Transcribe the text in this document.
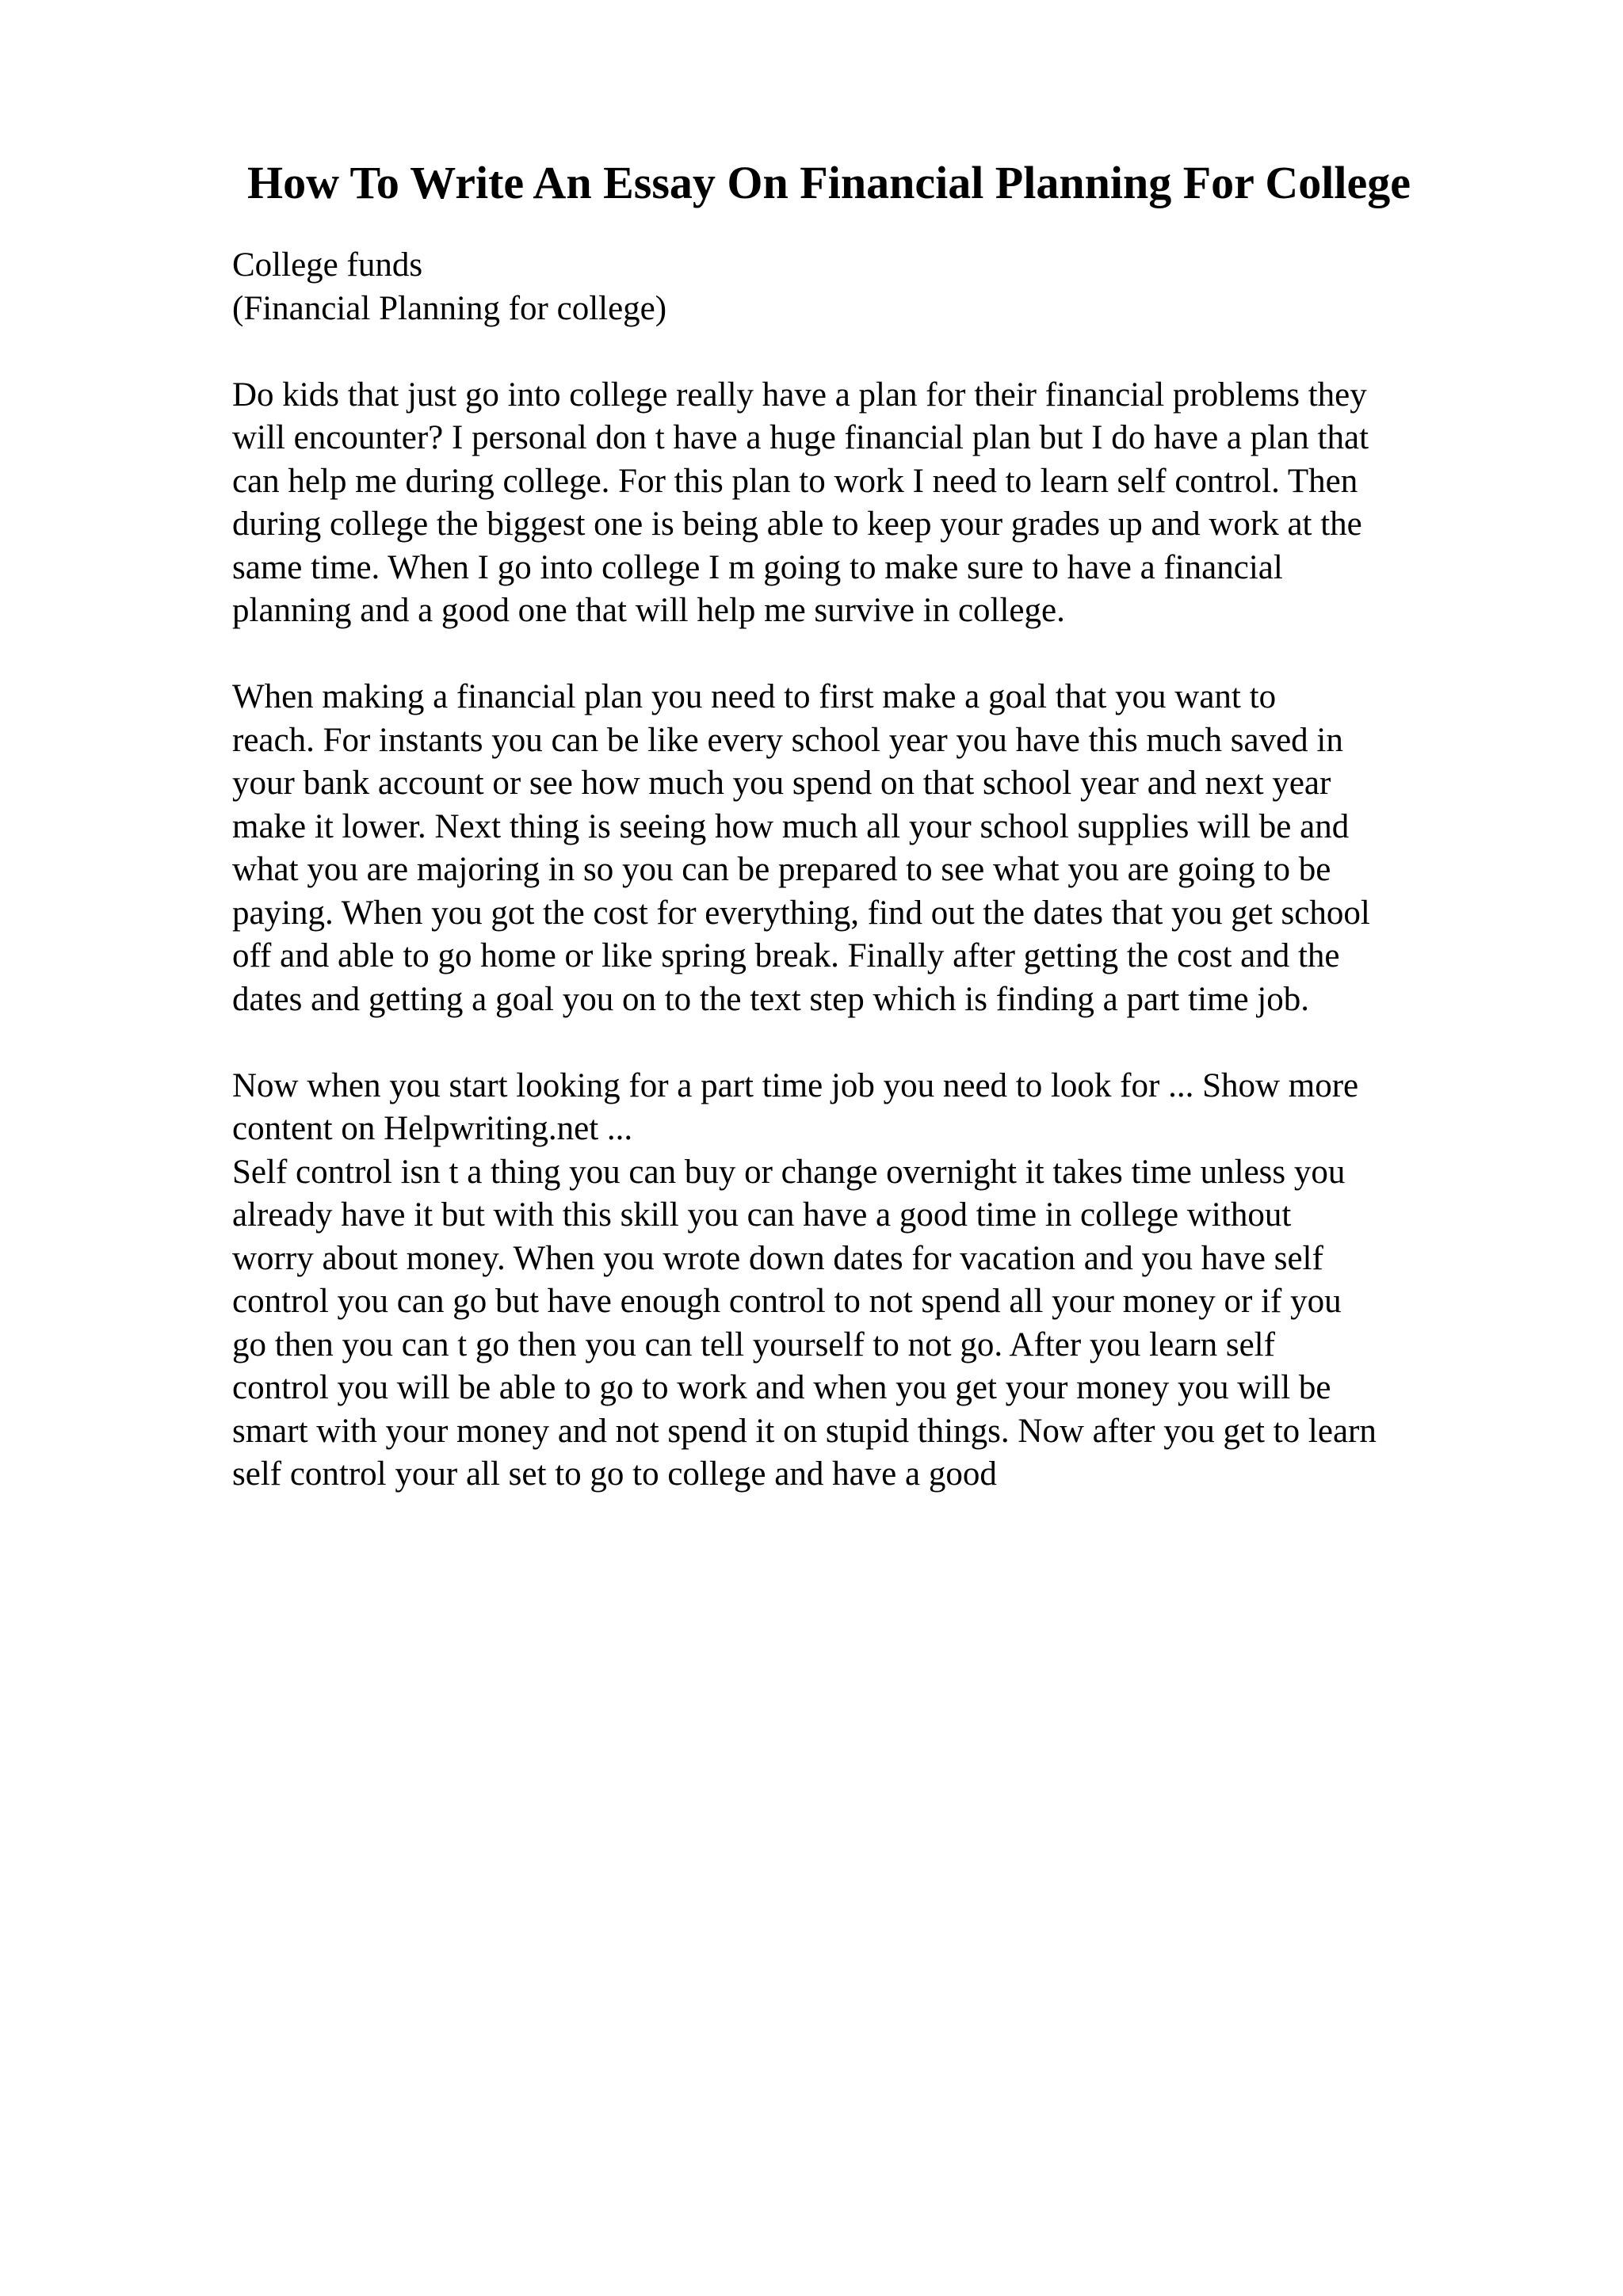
How To Write An Essay On Financial Planning For College
College funds
(Financial Planning for college)
Do kids that just go into college really have a plan for their financial problems they
will encounter? I personal don t have a huge financial plan but I do have a plan that
can help me during college. For this plan to work I need to learn self control. Then
during college the biggest one is being able to keep your grades up and work at the
same time. When I go into college I m going to make sure to have a financial
planning and a good one that will help me survive in college.
When making a financial plan you need to first make a goal that you want to
reach. For instants you can be like every school year you have this much saved in
your bank account or see how much you spend on that school year and next year
make it lower. Next thing is seeing how much all your school supplies will be and
what you are majoring in so you can be prepared to see what you are going to be
paying. When you got the cost for everything, find out the dates that you get school
off and able to go home or like spring break. Finally after getting the cost and the
dates and getting a goal you on to the text step which is finding a part time job.
Now when you start looking for a part time job you need to look for ... Show more
content on Helpwriting.net ...
Self control isn t a thing you can buy or change overnight it takes time unless you
already have it but with this skill you can have a good time in college without
worry about money. When you wrote down dates for vacation and you have self
control you can go but have enough control to not spend all your money or if you
go then you can t go then you can tell yourself to not go. After you learn self
control you will be able to go to work and when you get your money you will be
smart with your money and not spend it on stupid things. Now after you get to learn
self control your all set to go to college and have a good
